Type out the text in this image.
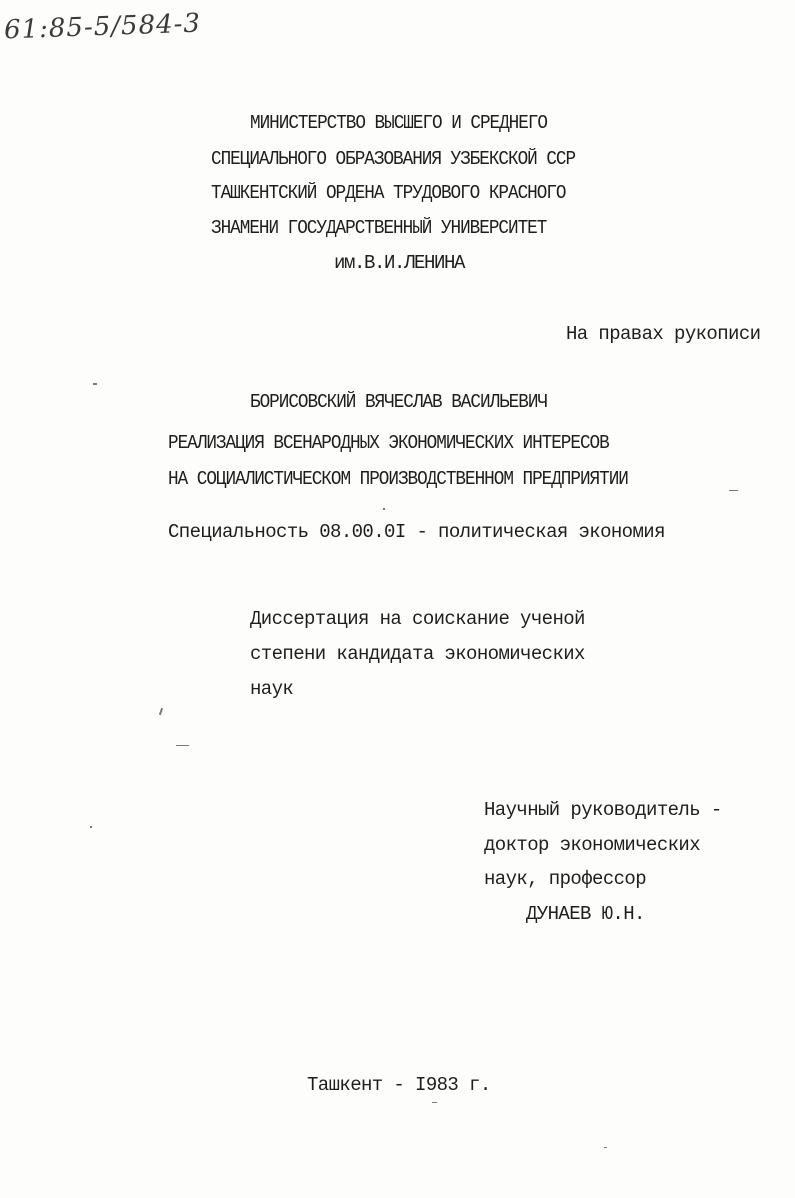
61:85-5/584-3
МИНИСТЕРСТВО ВЫСШЕГО И СРЕДНЕГО
СПЕЦИАЛЬНОГО ОБРАЗОВАНИЯ УЗБЕКСКОЙ ССР
ТАШКЕНТСКИЙ ОРДЕНА ТРУДОВОГО КРАСНОГО
ЗНАМЕНИ ГОСУДАРСТВЕННЫЙ УНИВЕРСИТЕТ
им.В.И.ЛЕНИНА
На правах рукописи
БОРИСОВСКИЙ ВЯЧЕСЛАВ ВАСИЛЬЕВИЧ
РЕАЛИЗАЦИЯ ВСЕНАРОДНЫХ ЭКОНОМИЧЕСКИХ ИНТЕРЕСОВ
НА СОЦИАЛИСТИЧЕСКОМ ПРОИЗВОДСТВЕННОМ ПРЕДПРИЯТИИ
Специальность 08.00.0I - политическая экономия
Диссертация на соискание ученой
степени кандидата экономических
наук
Научный руководитель -
доктор экономических
наук, профессор
ДУНАЕВ Ю.Н.
Ташкент - I983 г.
